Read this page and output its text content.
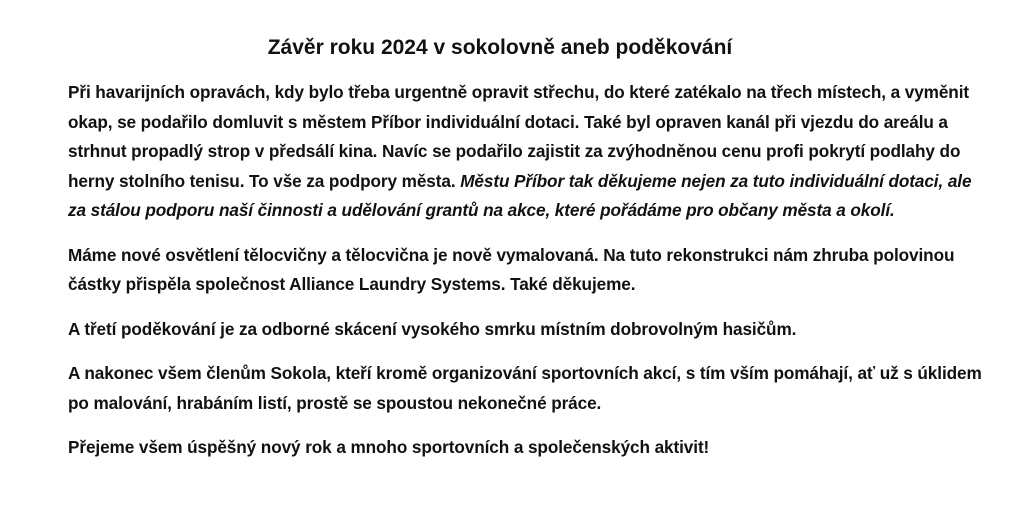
Závěr roku 2024 v sokolovně aneb poděkování

Při havarijních opravách, kdy bylo třeba urgentně opravit střechu, do které zatékalo na třech místech, a vyměnit okap, se podařilo domluvit s městem Příbor individuální dotaci. Také byl opraven kanál při vjezdu do areálu a strhnut propadlý strop v předsálí kina. Navíc se podařilo zajistit za zvýhodněnou cenu profi pokrytí podlahy do herny stolního tenisu. To vše za podpory města. Městu Příbor tak děkujeme nejen za tuto individuální dotaci, ale za stálou podporu naší činnosti a udělování grantů na akce, které pořádáme pro občany města a okolí.

Máme nové osvětlení tělocvičny a tělocvična je nově vymalovaná. Na tuto rekonstrukci nám zhruba polovinou částky přispěla společnost Alliance Laundry Systems. Také děkujeme.

A třetí poděkování je za odborné skácení vysokého smrku místním dobrovolným hasičům.

A nakonec všem členům Sokola, kteří kromě organizování sportovních akcí, s tím vším pomáhají, ať už s úklidem po malování, hrabáním listí, prostě se spoustou nekonečné práce.

Přejeme všem úspěšný nový rok a mnoho sportovních a společenských aktivit!
